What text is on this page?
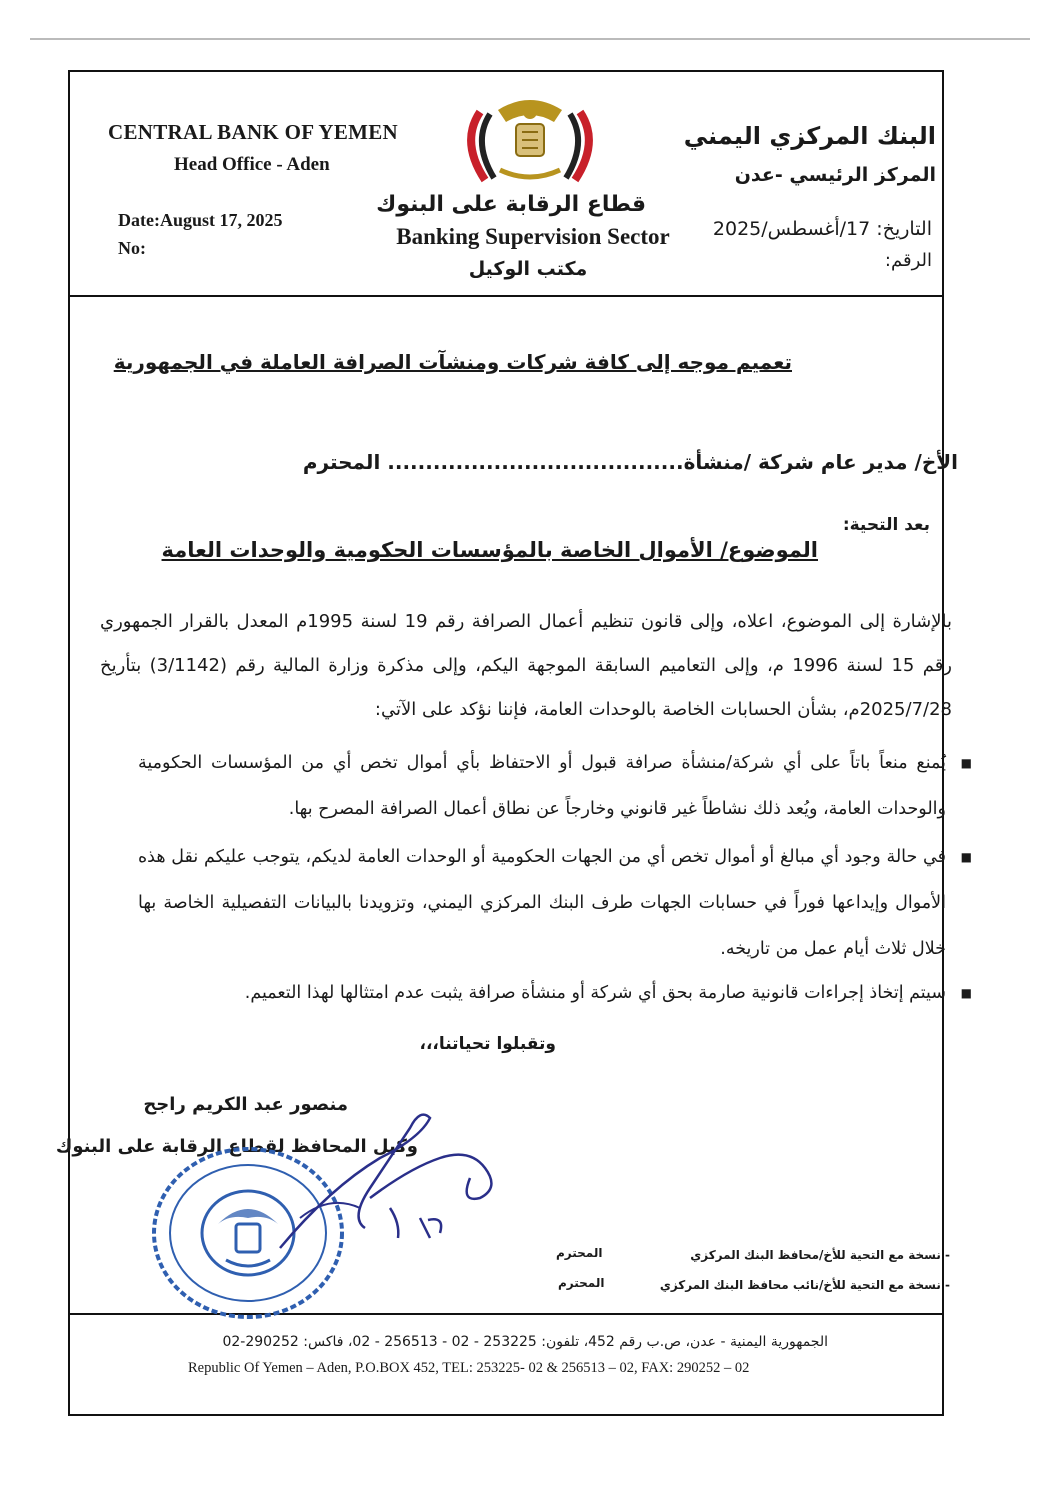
CENTRAL BANK OF YEMEN
Head Office - Aden
Date:August 17, 2025
No:
قطاع الرقابة على البنوك
Banking Supervision Sector
مكتب الوكيل
البنك المركزي اليمني
المركز الرئيسي -عدن
التاريخ: 17/أغسطس/2025
الرقم:
تعميم موجه إلى كافة شركات ومنشآت الصرافة العاملة في الجمهورية
الأخ/ مدير عام شركة /منشأة....................................... المحترم
بعد التحية:
الموضوع/ الأموال الخاصة بالمؤسسات الحكومية والوحدات العامة
بالإشارة إلى الموضوع، اعلاه، وإلى قانون تنظيم أعمال الصرافة رقم 19 لسنة 1995م المعدل بالقرار الجمهوري رقم 15 لسنة 1996 م، وإلى التعاميم السابقة الموجهة اليكم، وإلى مذكرة وزارة المالية رقم (3/1142) بتأريخ 2025/7/28م، بشأن الحسابات الخاصة بالوحدات العامة، فإننا نؤكد على الآتي:
■
يُمنع منعاً باتاً على أي شركة/منشأة صرافة قبول أو الاحتفاظ بأي أموال تخص أي من المؤسسات الحكومية والوحدات العامة، ويُعد ذلك نشاطاً غير قانوني وخارجاً عن نطاق أعمال الصرافة المصرح بها.
■
في حالة وجود أي مبالغ أو أموال تخص أي من الجهات الحكومية أو الوحدات العامة لديكم، يتوجب عليكم نقل هذه الأموال وإيداعها فوراً في حسابات الجهات طرف البنك المركزي اليمني، وتزويدنا بالبيانات التفصيلية الخاصة بها خلال ثلاث أيام عمل من تاريخه.
■
سيتم إتخاذ إجراءات قانونية صارمة بحق أي شركة أو منشأة صرافة يثبت عدم امتثالها لهذا التعميم.
وتقبلوا تحياتنا،،،
منصور عبد الكريم راجح
وكيل المحافظ لقطاع الرقابة على البنوك
- نسخة مع التحية للأخ/محافظ البنك المركزي
المحترم
- نسخة مع التحية للأخ/نائب محافظ البنك المركزي
المحترم
الجمهورية اليمنية - عدن، ص.ب رقم 452، تلفون: 253225 - 02 - 256513 - 02، فاكس: 290252-02
Republic Of Yemen – Aden, P.O.BOX 452, TEL: 253225- 02 & 256513 – 02, FAX: 290252 – 02
